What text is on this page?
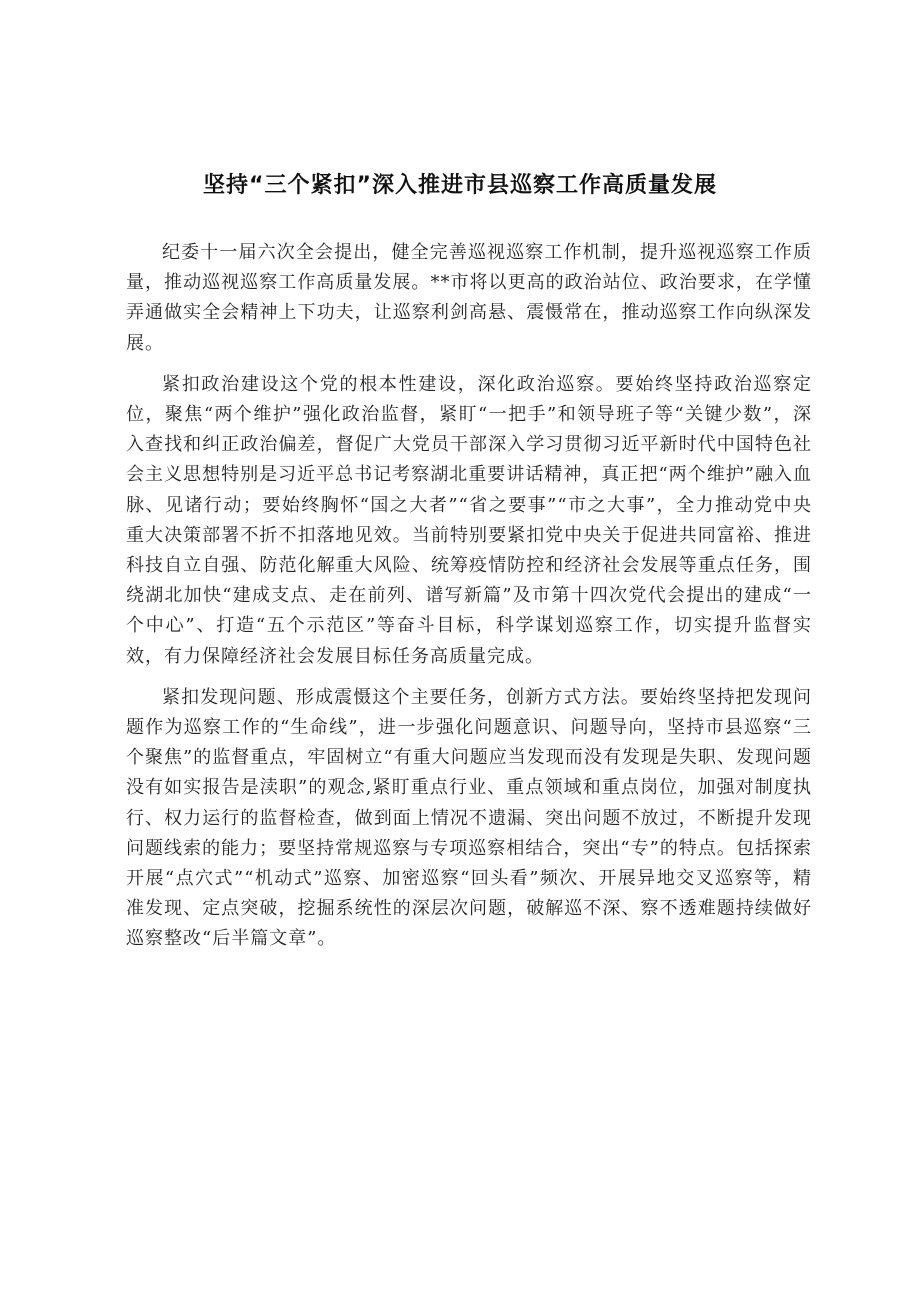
坚持“三个紧扣”深入推进市县巡察工作高质量发展

纪委十一届六次全会提出，健全完善巡视巡察工作机制，提升巡视巡察工作质量，推动巡视巡察工作高质量发展。**市将以更高的政治站位、政治要求，在学懂弄通做实全会精神上下功夫，让巡察利剑高悬、震慑常在，推动巡察工作向纵深发展。

紧扣政治建设这个党的根本性建设，深化政治巡察。要始终坚持政治巡察定位，聚焦“两个维护”强化政治监督，紧盯“一把手”和领导班子等“关键少数”，深入查找和纠正政治偏差，督促广大党员干部深入学习贯彻习近平新时代中国特色社会主义思想特别是习近平总书记考察湖北重要讲话精神，真正把“两个维护”融入血脉、见诸行动；要始终胸怀“国之大者”“省之要事”“市之大事”，全力推动党中央重大决策部署不折不扣落地见效。当前特别要紧扣党中央关于促进共同富裕、推进科技自立自强、防范化解重大风险、统筹疫情防控和经济社会发展等重点任务，围绕湖北加快“建成支点、走在前列、谱写新篇”及市第十四次党代会提出的建成“一个中心”、打造“五个示范区”等奋斗目标，科学谋划巡察工作，切实提升监督实效，有力保障经济社会发展目标任务高质量完成。

紧扣发现问题、形成震慑这个主要任务，创新方式方法。要始终坚持把发现问题作为巡察工作的“生命线”，进一步强化问题意识、问题导向，坚持市县巡察“三个聚焦”的监督重点，牢固树立“有重大问题应当发现而没有发现是失职、发现问题没有如实报告是渎职”的观念,紧盯重点行业、重点领域和重点岗位，加强对制度执行、权力运行的监督检查，做到面上情况不遗漏、突出问题不放过，不断提升发现问题线索的能力；要坚持常规巡察与专项巡察相结合，突出“专”的特点。包括探索开展“点穴式”“机动式”巡察、加密巡察“回头看”频次、开展异地交叉巡察等，精准发现、定点突破，挖掘系统性的深层次问题，破解巡不深、察不透难题持续做好巡察整改“后半篇文章”。
